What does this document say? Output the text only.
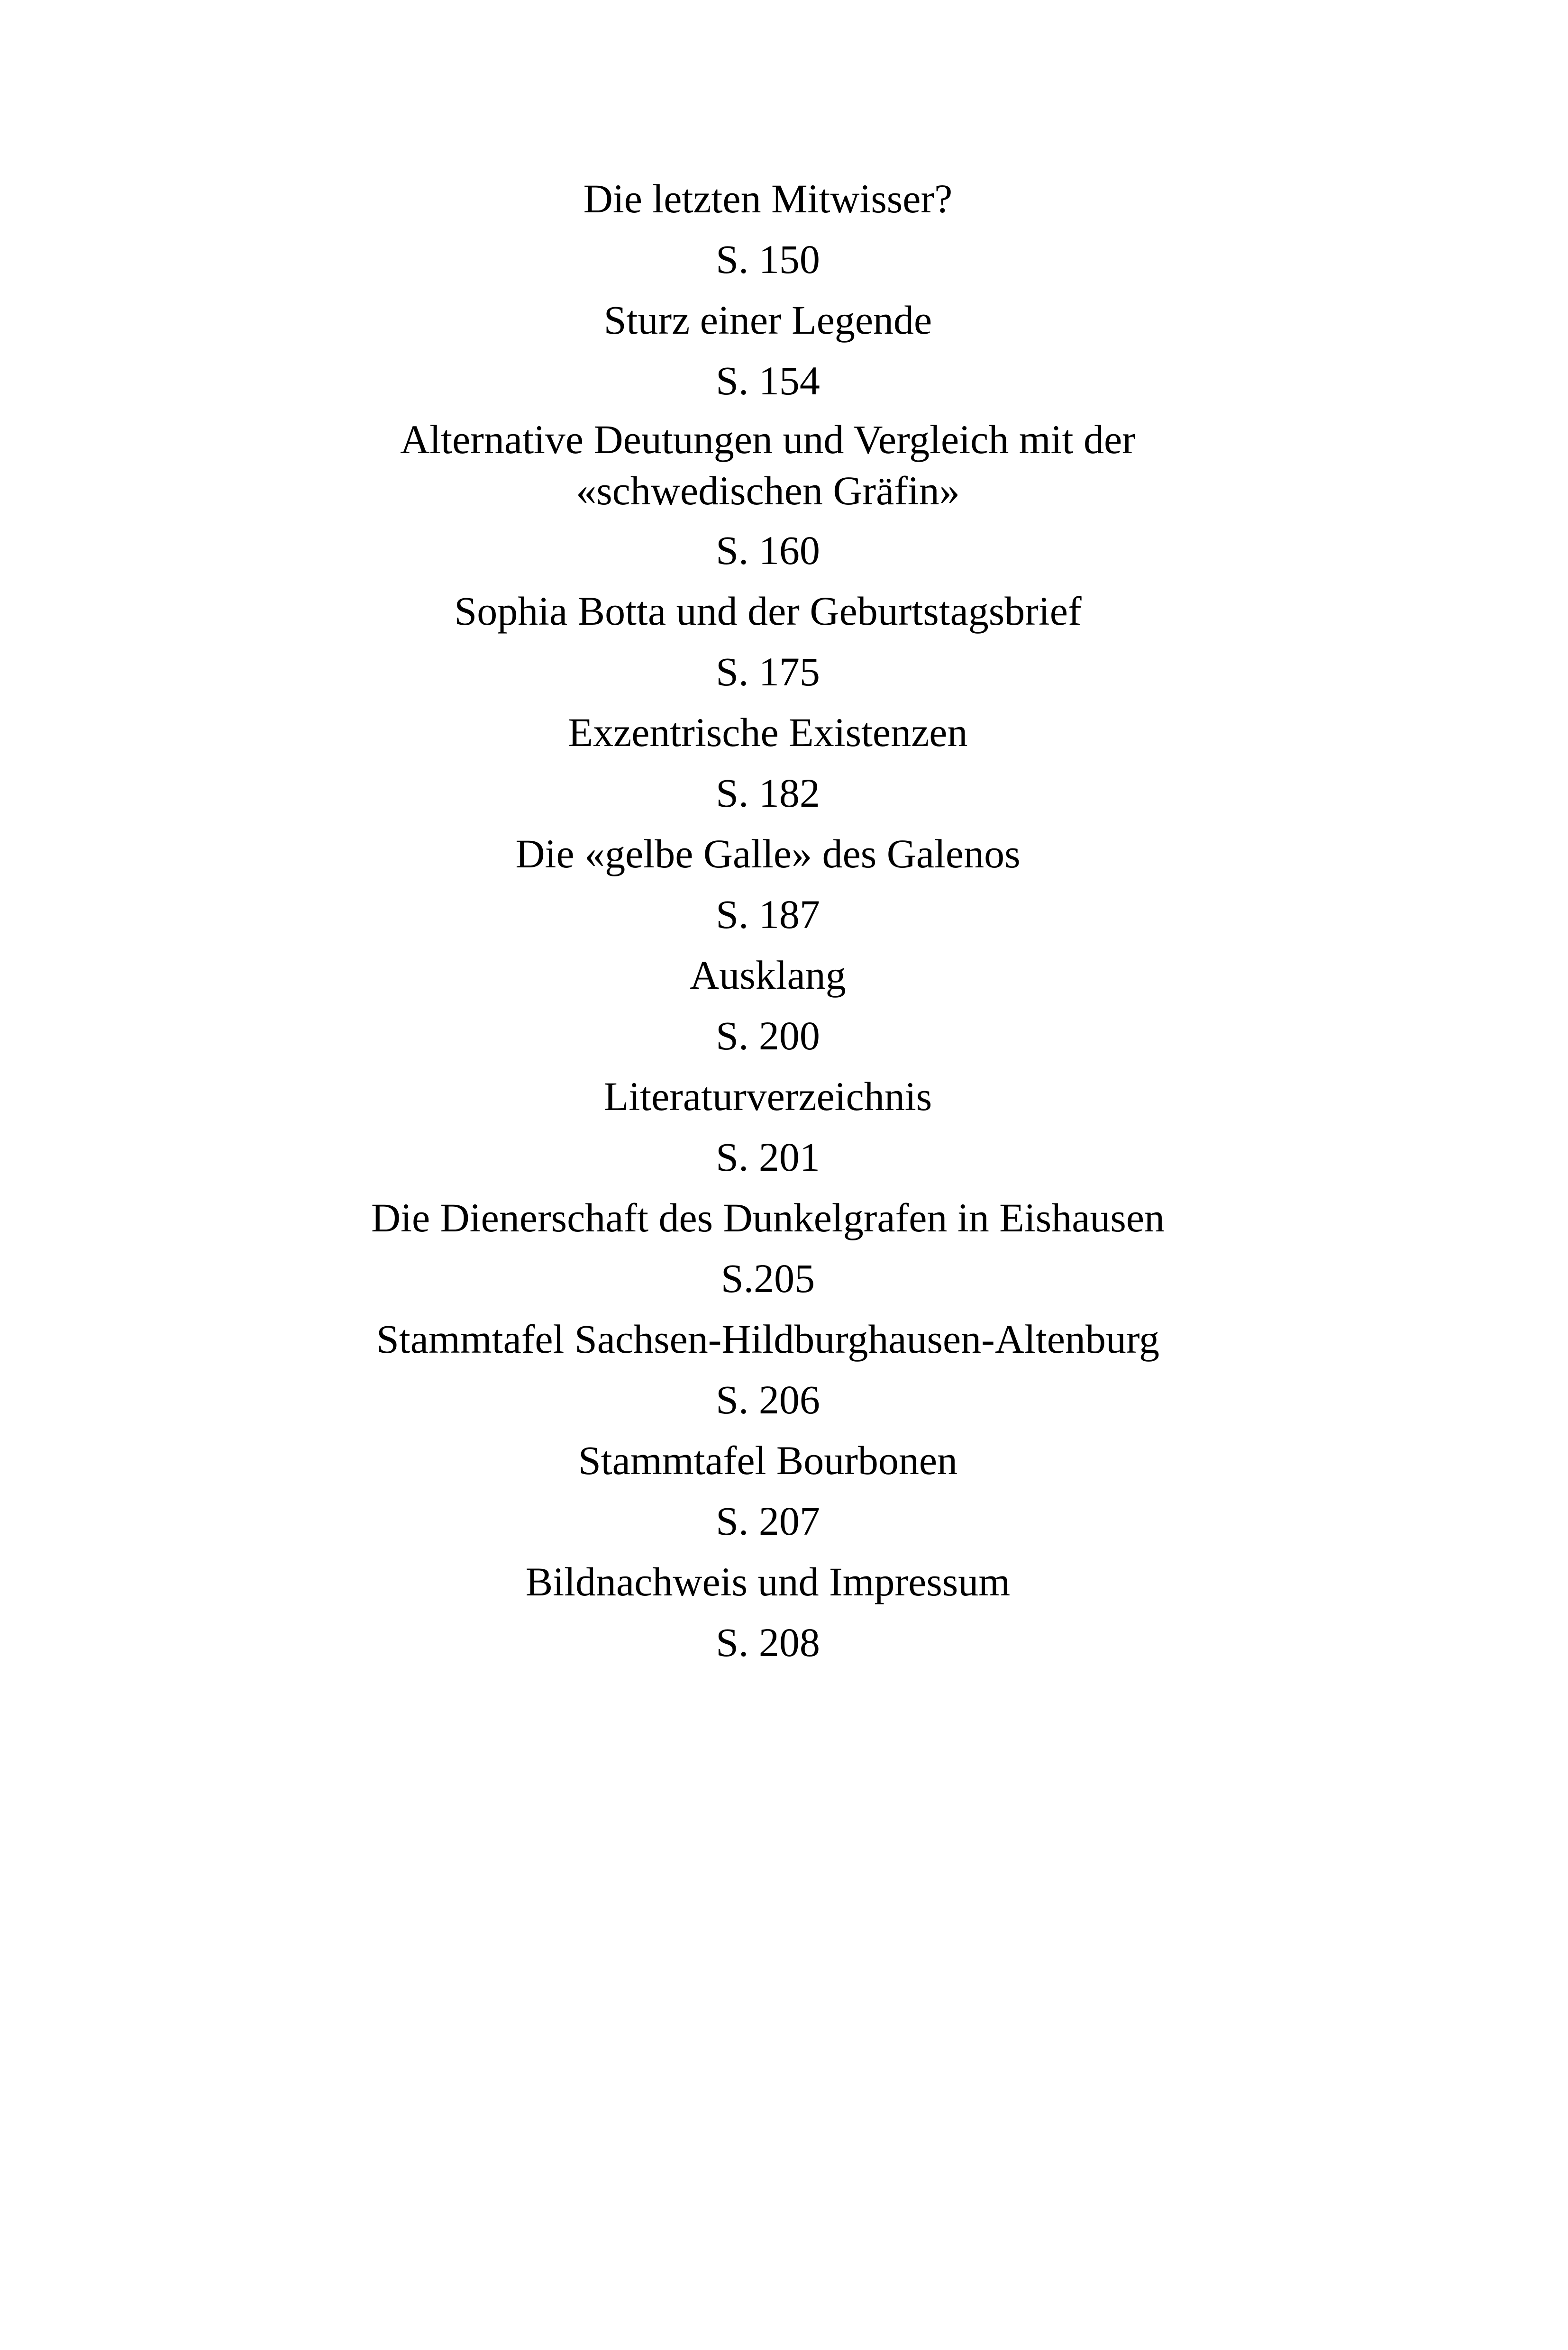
Die letzten Mitwisser?
S. 150
Sturz einer Legende
S. 154
Alternative Deutungen und Vergleich mit der
«schwedischen Gräfin»
S. 160
Sophia Botta und der Geburtstagsbrief
S. 175
Exzentrische Existenzen
S. 182
Die «gelbe Galle» des Galenos
S. 187
Ausklang
S. 200
Literaturverzeichnis
S. 201
Die Dienerschaft des Dunkelgrafen in Eishausen
S.205
Stammtafel Sachsen-Hildburghausen-Altenburg
S. 206
Stammtafel Bourbonen
S. 207
Bildnachweis und Impressum
S. 208
